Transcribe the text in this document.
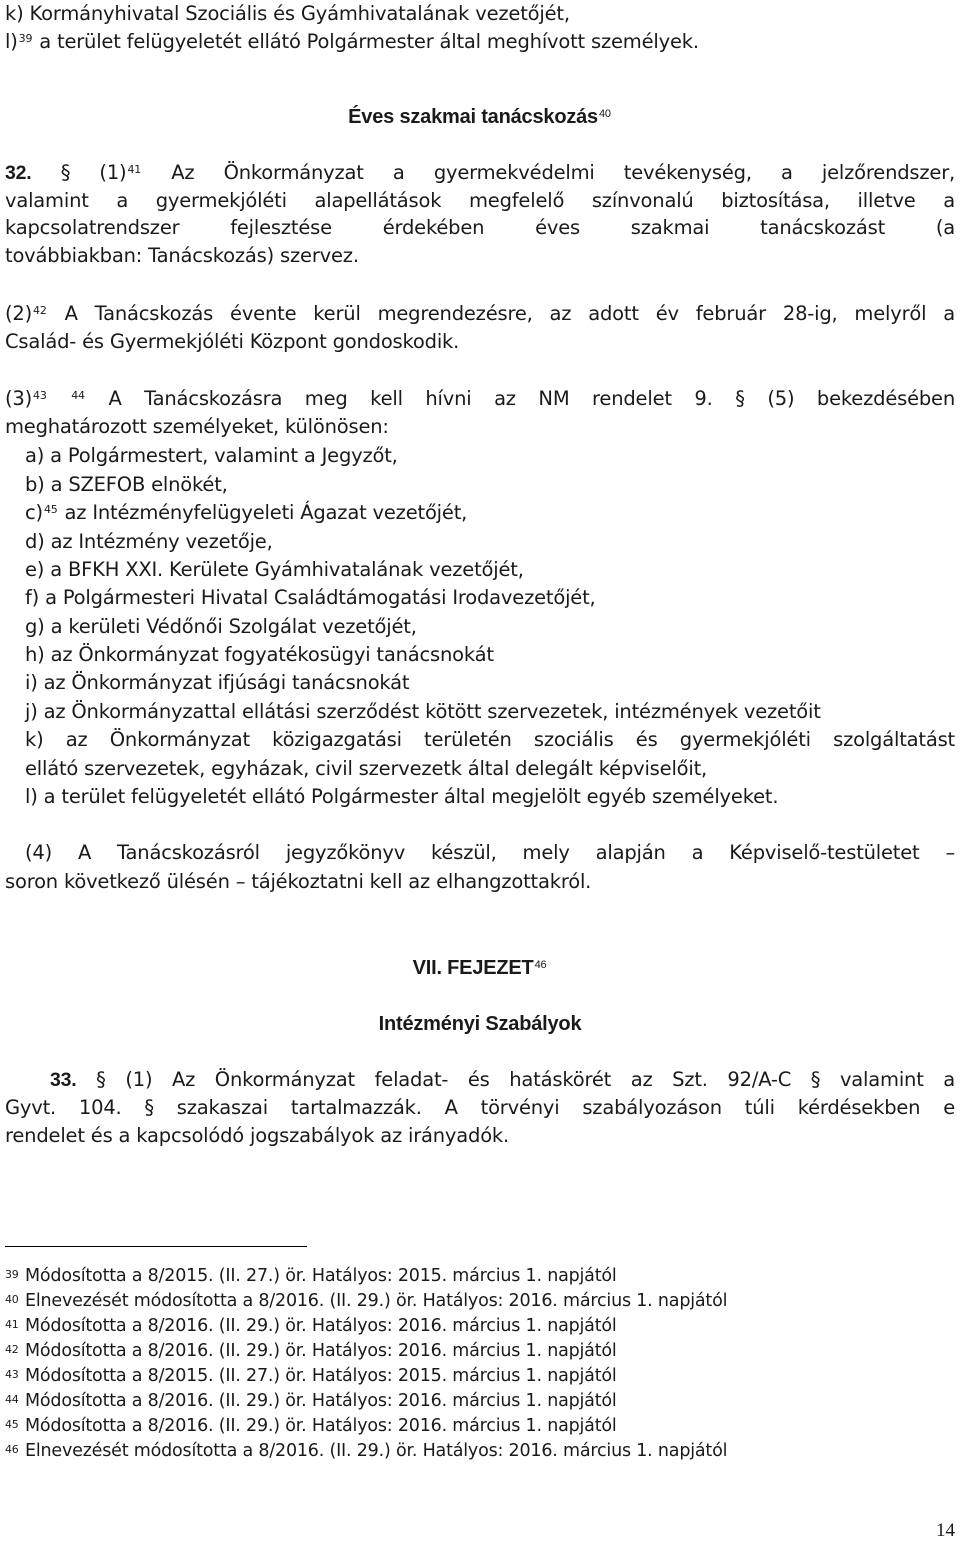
k) Kormányhivatal Szociális és Gyámhivatalának vezetőjét,
l)$^{39}$ a terület felügyeletét ellátó Polgármester által meghívott személyek.
Éves szakmai tanácskozás$^{40}$
32. § $(1)^{41}$ Az Önkormányzat a gyermekvédelmi tevékenység, a jelzőrendszer,
valamint a gyermekjóléti alapellátások megfelelő színvonalú biztosítása, illetve a
kapcsolatrendszer fejlesztése érdekében éves szakmai tanácskozást (a
továbbiakban: Tanácskozás) szervez.
$(2)^{42}$ A Tanácskozás évente kerül megrendezésre, az adott év február 28-ig, melyről a
Család- és Gyermekjóléti Központ gondoskodik.
$(3)^{43}$ $^{44}$ A Tanácskozásra meg kell hívni az NM rendelet 9. § (5) bekezdésében
meghatározott személyeket, különösen:
a) a Polgármestert, valamint a Jegyzőt,
b) a SZEFOB elnökét,
c)$^{45}$ az Intézményfelügyeleti Ágazat vezetőjét,
d) az Intézmény vezetője,
e) a BFKH XXI. Kerülete Gyámhivatalának vezetőjét,
f) a Polgármesteri Hivatal Családtámogatási Irodavezetőjét,
g) a kerületi Védőnői Szolgálat vezetőjét,
h) az Önkormányzat fogyatékosügyi tanácsnokát
i) az Önkormányzat ifjúsági tanácsnokát
j) az Önkormányzattal ellátási szerződést kötött szervezetek, intézmények vezetőit
k) az Önkormányzat közigazgatási területén szociális és gyermekjóléti szolgáltatást
ellátó szervezetek, egyházak, civil szervezetk által delegált képviselőit,
l) a terület felügyeletét ellátó Polgármester által megjelölt egyéb személyeket.
(4) A Tanácskozásról jegyzőkönyv készül, mely alapján a Képviselő-testületet –
soron következő ülésén – tájékoztatni kell az elhangzottakról.
VII. FEJEZET$^{46}$
Intézményi Szabályok
33. § (1) Az Önkormányzat feladat- és hatáskörét az Szt. 92/A-C § valamint a
Gyvt. 104. § szakaszai tartalmazzák. A törvényi szabályozáson túli kérdésekben e
rendelet és a kapcsolódó jogszabályok az irányadók.
39 Módosította a 8/2015. (II. 27.) ör. Hatályos: 2015. március 1. napjától
40 Elnevezését módosította a 8/2016. (II. 29.) ör. Hatályos: 2016. március 1. napjától
41 Módosította a 8/2016. (II. 29.) ör. Hatályos: 2016. március 1. napjától
42 Módosította a 8/2016. (II. 29.) ör. Hatályos: 2016. március 1. napjától
43 Módosította a 8/2015. (II. 27.) ör. Hatályos: 2015. március 1. napjától
44 Módosította a 8/2016. (II. 29.) ör. Hatályos: 2016. március 1. napjától
45 Módosította a 8/2016. (II. 29.) ör. Hatályos: 2016. március 1. napjától
46 Elnevezését módosította a 8/2016. (II. 29.) ör. Hatályos: 2016. március 1. napjától
14
